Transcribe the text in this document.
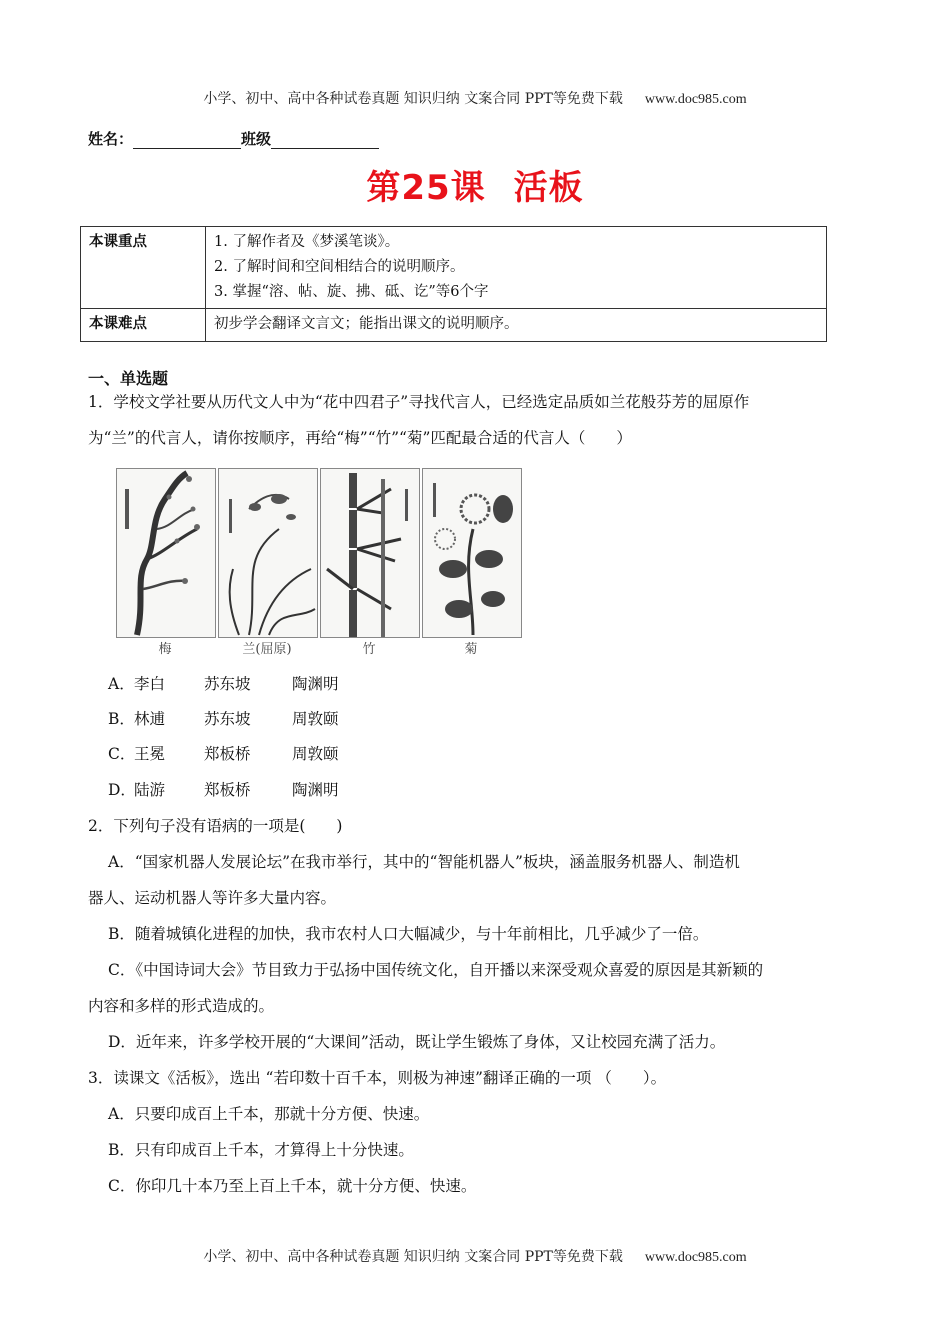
小学、初中、高中各种试卷真题 知识归纳 文案合同 PPT等免费下载 www.doc985.com
姓名：	班级
第25课 活板
本课重点	1. 了解作者及《梦溪笔谈》。
2. 了解时间和空间相结合的说明顺序。
3. 掌握“溶、帖、旋、拂、砥、讫”等6个字

本课难点	初步学会翻译文言文；能指出课文的说明顺序。
一、单选题
1．学校文学社要从历代文人中为“花中四君子”寻找代言人，已经选定品质如兰花般芬芳的屈原作
为“兰”的代言人，请你按顺序，再给“梅”“竹”“菊”匹配最合适的代言人（　　）
梅	兰(屈原)	竹	菊
A．李白	苏东坡	陶渊明
B．林逋	苏东坡	周敦颐
C．王冕	郑板桥	周敦颐
D．陆游	郑板桥	陶渊明
2．下列句子没有语病的一项是(　　)
A．“国家机器人发展论坛”在我市举行，其中的“智能机器人”板块，涵盖服务机器人、制造机
器人、运动机器人等许多大量内容。
B．随着城镇化进程的加快，我市农村人口大幅减少，与十年前相比，几乎减少了一倍。
C．《中国诗词大会》节目致力于弘扬中国传统文化，自开播以来深受观众喜爱的原因是其新颖的
内容和多样的形式造成的。
D．近年来，许多学校开展的“大课间”活动，既让学生锻炼了身体，又让校园充满了活力。
3．读课文《活板》，选出 “若印数十百千本，则极为神速”翻译正确的一项 （　　）。
A．只要印成百上千本，那就十分方便、快速。
B．只有印成百上千本，才算得上十分快速。
C．你印几十本乃至上百上千本，就十分方便、快速。
小学、初中、高中各种试卷真题 知识归纳 文案合同 PPT等免费下载 www.doc985.com
